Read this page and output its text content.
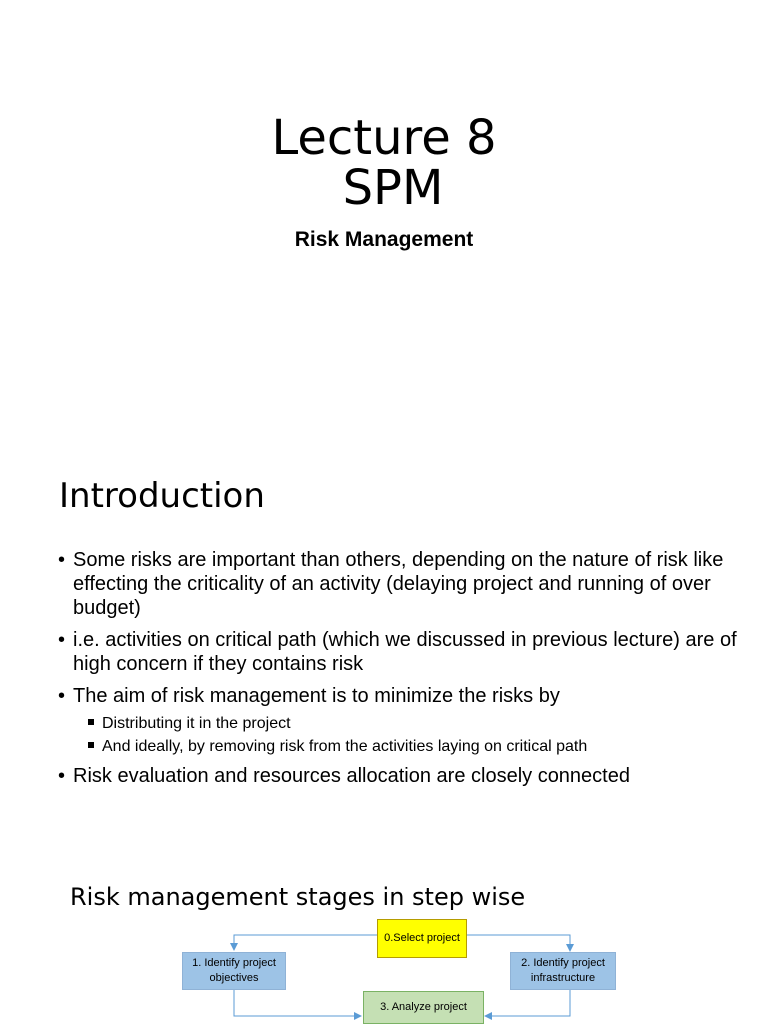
Lecture 8
SPM
Risk Management
Introduction
• Some risks are important than others, depending on the nature of risk like effecting the criticality of an activity (delaying project and running of over budget)
• i.e. activities on critical path (which we discussed in previous lecture) are of high concern if they contains risk
• The aim of risk management is to minimize the risks by
Distributing it in the project
And ideally, by removing risk from the activities laying on critical path
• Risk evaluation and resources allocation are closely connected
Risk management stages in step wise
0.Select project
1. Identify project objectives
2. Identify project infrastructure
3. Analyze project
